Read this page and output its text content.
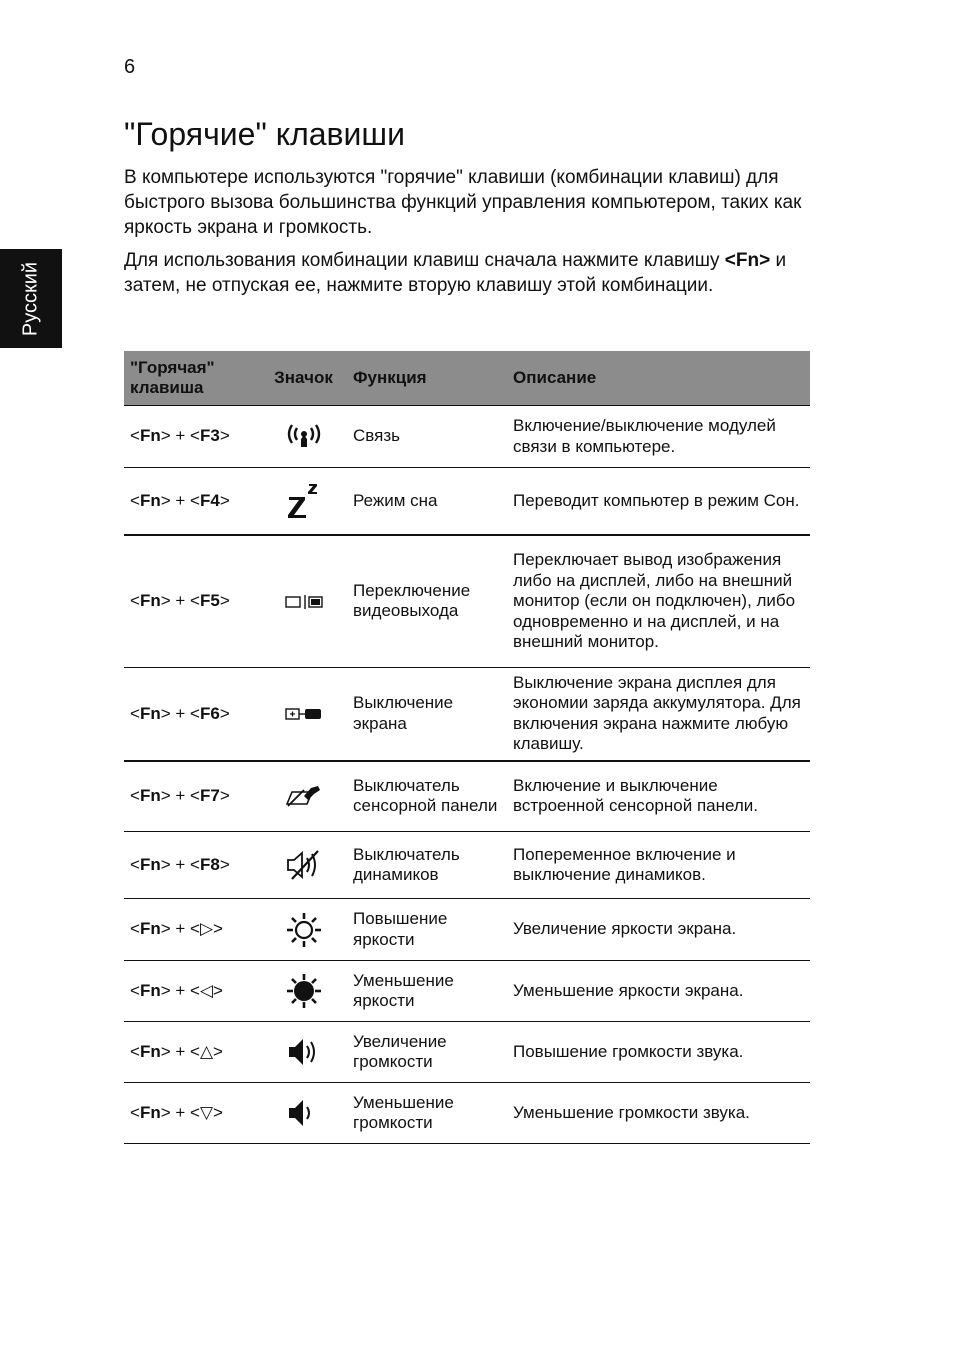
6
Русский
"Горячие" клавиши

В компьютере используются "горячие" клавиши (комбинации клавиш) для быстрого вызова большинства функций управления компьютером, таких как яркость экрана и громкость.

Для использования комбинации клавиш сначала нажмите клавишу <Fn> и затем, не отпуская ее, нажмите вторую клавишу этой комбинации.

"Горячая"
клавиша	Значок	Функция	Описание
<Fn> + <F3>		Связь	Включение/выключение модулей связи в компьютере.
<Fn> + <F4>		Режим сна	Переводит компьютер в режим Сон.
<Fn> + <F5>		Переключение видеовыхода	Переключает вывод изображения либо на дисплей, либо на внешний монитор (если он подключен), либо одновременно и на дисплей, и на внешний монитор.
<Fn> + <F6>		Выключение экрана	Выключение экрана дисплея для экономии заряда аккумулятора. Для включения экрана нажмите любую клавишу.
<Fn> + <F7>		Выключатель сенсорной панели	Включение и выключение встроенной сенсорной панели.
<Fn> + <F8>		Выключатель динамиков	Попеременное включение и выключение динамиков.
<Fn> + <▷>		Повышение яркости	Увеличение яркости экрана.
<Fn> + <◁>		Уменьшение яркости	Уменьшение яркости экрана.
<Fn> + <△>		Увеличение громкости	Повышение громкости звука.
<Fn> + <▽>		Уменьшение громкости	Уменьшение громкости звука.
